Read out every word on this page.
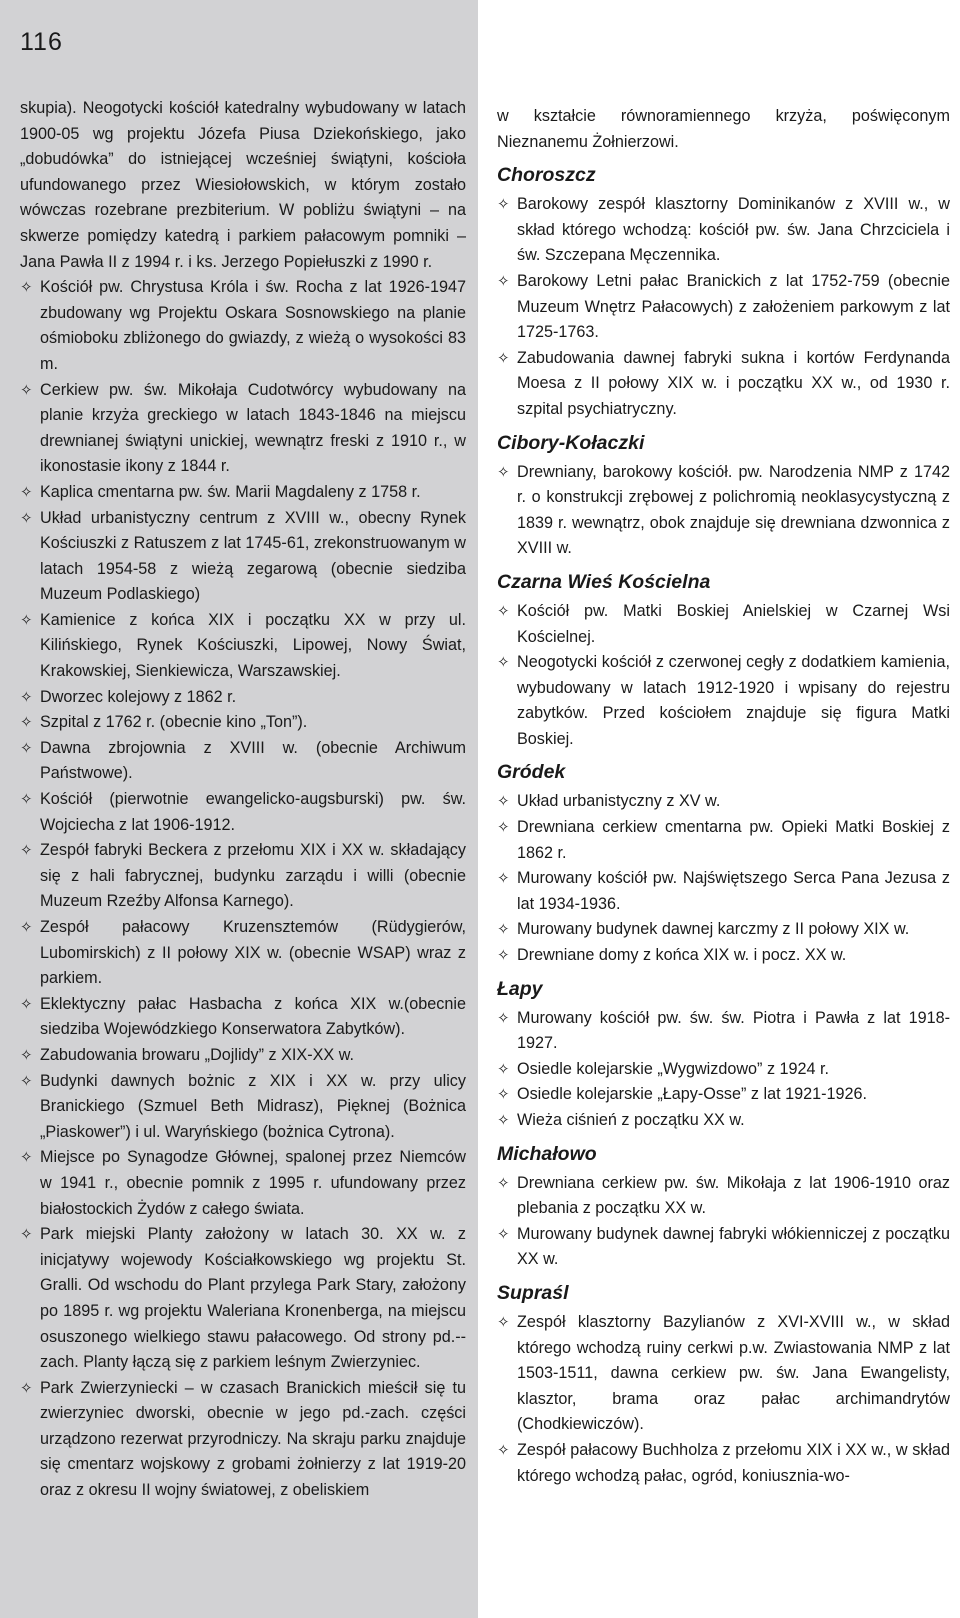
116

skupia). Neogotycki kościół katedralny wybudowany w latach 1900-05 wg projektu Józefa Piusa Dziekońskiego, jako „dobudówka” do istniejącej wcześniej świątyni, kościoła ufundowanego przez Wiesiołowskich, w którym zostało wówczas rozebrane prezbiterium. W pobliżu świątyni – na skwerze pomiędzy katedrą i parkiem pałacowym pomniki – Jana Pawła II z 1994 r. i ks. Jerzego Popiełuszki z 1990 r.

✧ Kościół pw. Chrystusa Króla i św. Rocha z lat 1926-1947 zbudowany wg Projektu Oskara Sosnowskiego na planie ośmioboku zbliżonego do gwiazdy, z wieżą o wysokości 83 m.

✧ Cerkiew pw. św. Mikołaja Cudotwórcy wybudowany na planie krzyża greckiego w latach 1843-1846 na miejscu drewnianej świątyni unickiej, wewnątrz freski z 1910 r., w ikonostasie ikony z 1844 r.

✧ Kaplica cmentarna pw. św. Marii Magdaleny z 1758 r.

✧ Układ urbanistyczny centrum z XVIII w., obecny Rynek Kościuszki z Ratuszem z lat 1745-61, zrekonstruowanym w latach 1954-58 z wieżą zegarową (obecnie siedziba Muzeum Podlaskiego)

✧ Kamienice z końca XIX i początku XX w przy ul. Kilińskiego, Rynek Kościuszki, Lipowej, Nowy Świat, Krakowskiej, Sienkiewicza, Warszawskiej.

✧ Dworzec kolejowy z 1862 r.

✧ Szpital z 1762 r. (obecnie kino „Ton”).

✧ Dawna zbrojownia z XVIII w. (obecnie Archiwum Państwowe).

✧ Kościół (pierwotnie ewangelicko-augsburski) pw. św. Wojciecha z lat 1906-1912.

✧ Zespół fabryki Beckera z przełomu XIX i XX w. składający się z hali fabrycznej, budynku zarządu i willi (obecnie Muzeum Rzeźby Alfonsa Karnego).

✧ Zespół pałacowy Kruzensztemów (Rüdygierów, Lubomirskich) z II połowy XIX w. (obecnie WSAP) wraz z parkiem.

✧ Eklektyczny pałac Hasbacha z końca XIX w.(obecnie siedziba Wojewódzkiego Konserwatora Zabytków).

✧ Zabudowania browaru „Dojlidy” z XIX-XX w.

✧ Budynki dawnych bożnic z XIX i XX w. przy ulicy Branickiego (Szmuel Beth Midrasz), Pięknej (Bożnica „Piaskower”) i ul. Waryńskiego (bożnica Cytrona).

✧ Miejsce po Synagodze Głównej, spalonej przez Niemców w 1941 r., obecnie pomnik z 1995 r. ufundowany przez białostockich Żydów z całego świata.

✧ Park miejski Planty założony w latach 30. XX w. z inicjatywy wojewody Kościałkowskiego wg projektu St. Gralli. Od wschodu do Plant przylega Park Stary, założony po 1895 r. wg projektu Waleriana Kronenberga, na miejscu osuszonego wielkiego stawu pałacowego. Od strony pd.--zach. Planty łączą się z parkiem leśnym Zwierzyniec.

✧ Park Zwierzyniecki – w czasach Branickich mieścił się tu zwierzyniec dworski, obecnie w jego pd.-zach. części urządzono rezerwat przyrodniczy. Na skraju parku znajduje się cmentarz wojskowy z grobami żołnierzy z lat 1919-20 oraz z okresu II wojny światowej, z obeliskiem

w kształcie równoramiennego krzyża, poświęconym Nieznanemu Żołnierzowi.

Choroszcz

✧ Barokowy zespół klasztorny Dominikanów z XVIII w., w skład którego wchodzą: kościół pw. św. Jana Chrzciciela i św. Szczepana Męczennika.

✧ Barokowy Letni pałac Branickich z lat 1752-759 (obecnie Muzeum Wnętrz Pałacowych) z założeniem parkowym z lat 1725-1763.

✧ Zabudowania dawnej fabryki sukna i kortów Ferdynanda Moesa z II połowy XIX w. i początku XX w., od 1930 r. szpital psychiatryczny.

Cibory-Kołaczki

✧ Drewniany, barokowy kościół. pw. Narodzenia NMP z 1742 r. o konstrukcji zrębowej z polichromią neoklasycystyczną z 1839 r. wewnątrz, obok znajduje się drewniana dzwonnica z XVIII w.

Czarna Wieś Kościelna

✧ Kościół pw. Matki Boskiej Anielskiej w Czarnej Wsi Kościelnej.

✧ Neogotycki kościół z czerwonej cegły z dodatkiem kamienia, wybudowany w latach 1912-1920 i wpisany do rejestru zabytków. Przed kościołem znajduje się figura Matki Boskiej.

Gródek

✧ Układ urbanistyczny z XV w.

✧ Drewniana cerkiew cmentarna pw. Opieki Matki Boskiej z 1862 r.

✧ Murowany kościół pw. Najświętszego Serca Pana Jezusa z lat 1934-1936.

✧ Murowany budynek dawnej karczmy z II połowy XIX w.

✧ Drewniane domy z końca XIX w. i pocz. XX w.

Łapy

✧ Murowany kościół pw. św. św. Piotra i Pawła z lat 1918-1927.

✧ Osiedle kolejarskie „Wygwizdowo” z 1924 r.

✧ Osiedle kolejarskie „Łapy-Osse” z lat 1921-1926.

✧ Wieża ciśnień z początku XX w.

Michałowo

✧ Drewniana cerkiew pw. św. Mikołaja z lat 1906-1910 oraz plebania z początku XX w.

✧ Murowany budynek dawnej fabryki włókienniczej z początku XX w.

Supraśl

✧ Zespół klasztorny Bazylianów z XVI-XVIII w., w skład którego wchodzą ruiny cerkwi p.w. Zwiastowania NMP z lat 1503-1511, dawna cerkiew pw. św. Jana Ewangelisty, klasztor, brama oraz pałac archimandrytów (Chodkiewiczów).

✧ Zespół pałacowy Buchholza z przełomu XIX i XX w., w skład którego wchodzą pałac, ogród, koniusznia-wo-
